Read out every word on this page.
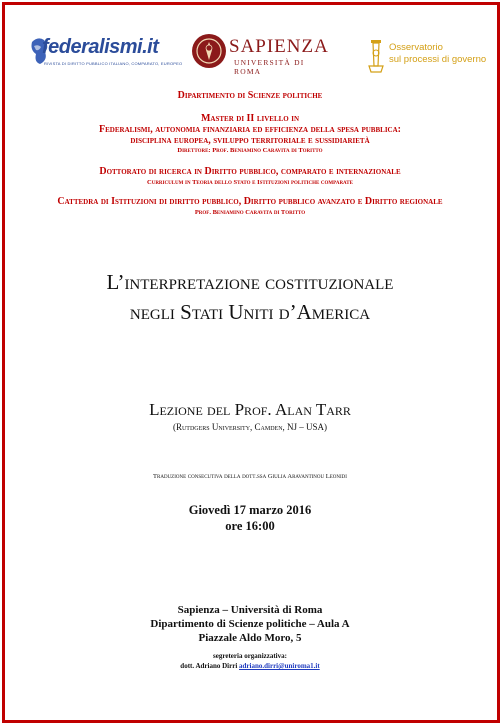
federalismi.it
RIVISTA DI DIRITTO PUBBLICO ITALIANO, COMPARATO, EUROPEO
SAPIENZA
UNIVERSITÀ DI ROMA
Osservatorio
sul processi di governo
Dipartimento di Scienze politiche
Master di II livello in
Federalismi, autonomia finanziaria ed efficienza della spesa pubblica:
disciplina europea, sviluppo territoriale e sussidiarietà
Direttore: Prof. Beniamino Caravita di Toritto
Dottorato di ricerca in Diritto pubblico, comparato e internazionale
Curriculum in Teoria dello Stato e Istituzioni politiche comparate
Cattedra di Istituzioni di diritto pubblico, Diritto pubblico avanzato e Diritto regionale
Prof. Beniamino Caravita di Toritto
L’interpretazione costituzionale
negli Stati Uniti d’America
Lezione del Prof. Alan Tarr
(Rutdgers University, Camden, NJ – USA)
Traduzione consecutiva della dott.ssa Giulia Aravantinou Leonidi
Giovedì 17 marzo 2016
ore 16:00
Sapienza – Università di Roma
Dipartimento di Scienze politiche – Aula A
Piazzale Aldo Moro, 5
segreteria organizzativa:
dott. Adriano Dirri adriano.dirri@uniroma1.it
